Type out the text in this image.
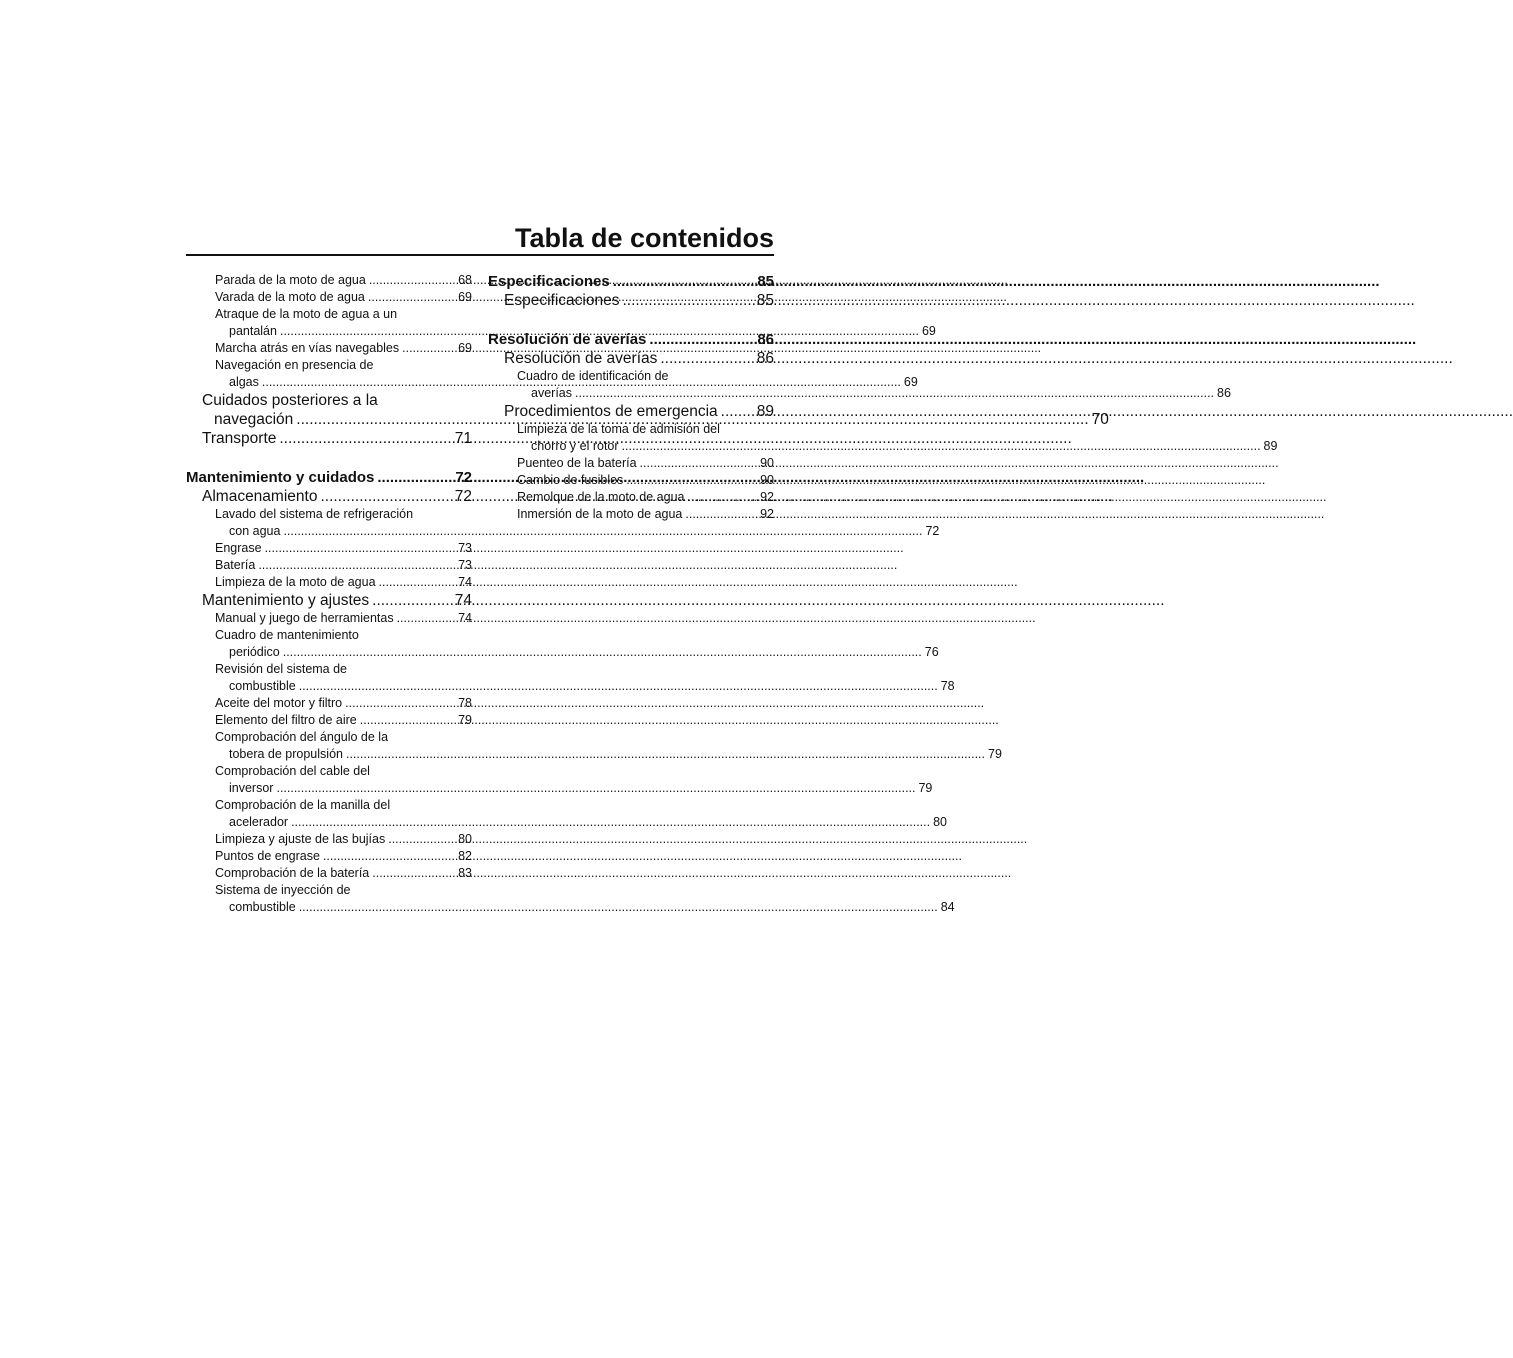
Tabla de contenidos
Parada de la moto de agua .....	68
Varada de la moto de agua .....	69
Atraque de la moto de agua a un
pantalán .....	69
Marcha atrás en vías navegables .....	69
Navegación en presencia de
algas .....	69
Cuidados posteriores a la
navegación .....	70
Transporte .....	71
Mantenimiento y cuidados .....	72
Almacenamiento .....	72
Lavado del sistema de refrigeración
con agua .....	72
Engrase .....	73
Batería .....	73
Limpieza de la moto de agua .....	74
Mantenimiento y ajustes .....	74
Manual y juego de herramientas .....	74
Cuadro de mantenimiento
periódico .....	76
Revisión del sistema de
combustible .....	78
Aceite del motor y filtro .....	78
Elemento del filtro de aire .....	79
Comprobación del ángulo de la
tobera de propulsión .....	79
Comprobación del cable del
inversor .....	79
Comprobación de la manilla del
acelerador .....	80
Limpieza y ajuste de las bujías .....	80
Puntos de engrase .....	82
Comprobación de la batería .....	83
Sistema de inyección de
combustible .....	84
Especificaciones .....	85
Especificaciones .....	85
Resolución de averías .....	86
Resolución de averías .....	86
Cuadro de identificación de
averías .....	86
Procedimientos de emergencia .....	89
Limpieza de la toma de admisión del
chorro y el rotor .....	89
Puenteo de la batería .....	90
Cambio de fusibles .....	90
Remolque de la moto de agua .....	92
Inmersión de la moto de agua .....	92
